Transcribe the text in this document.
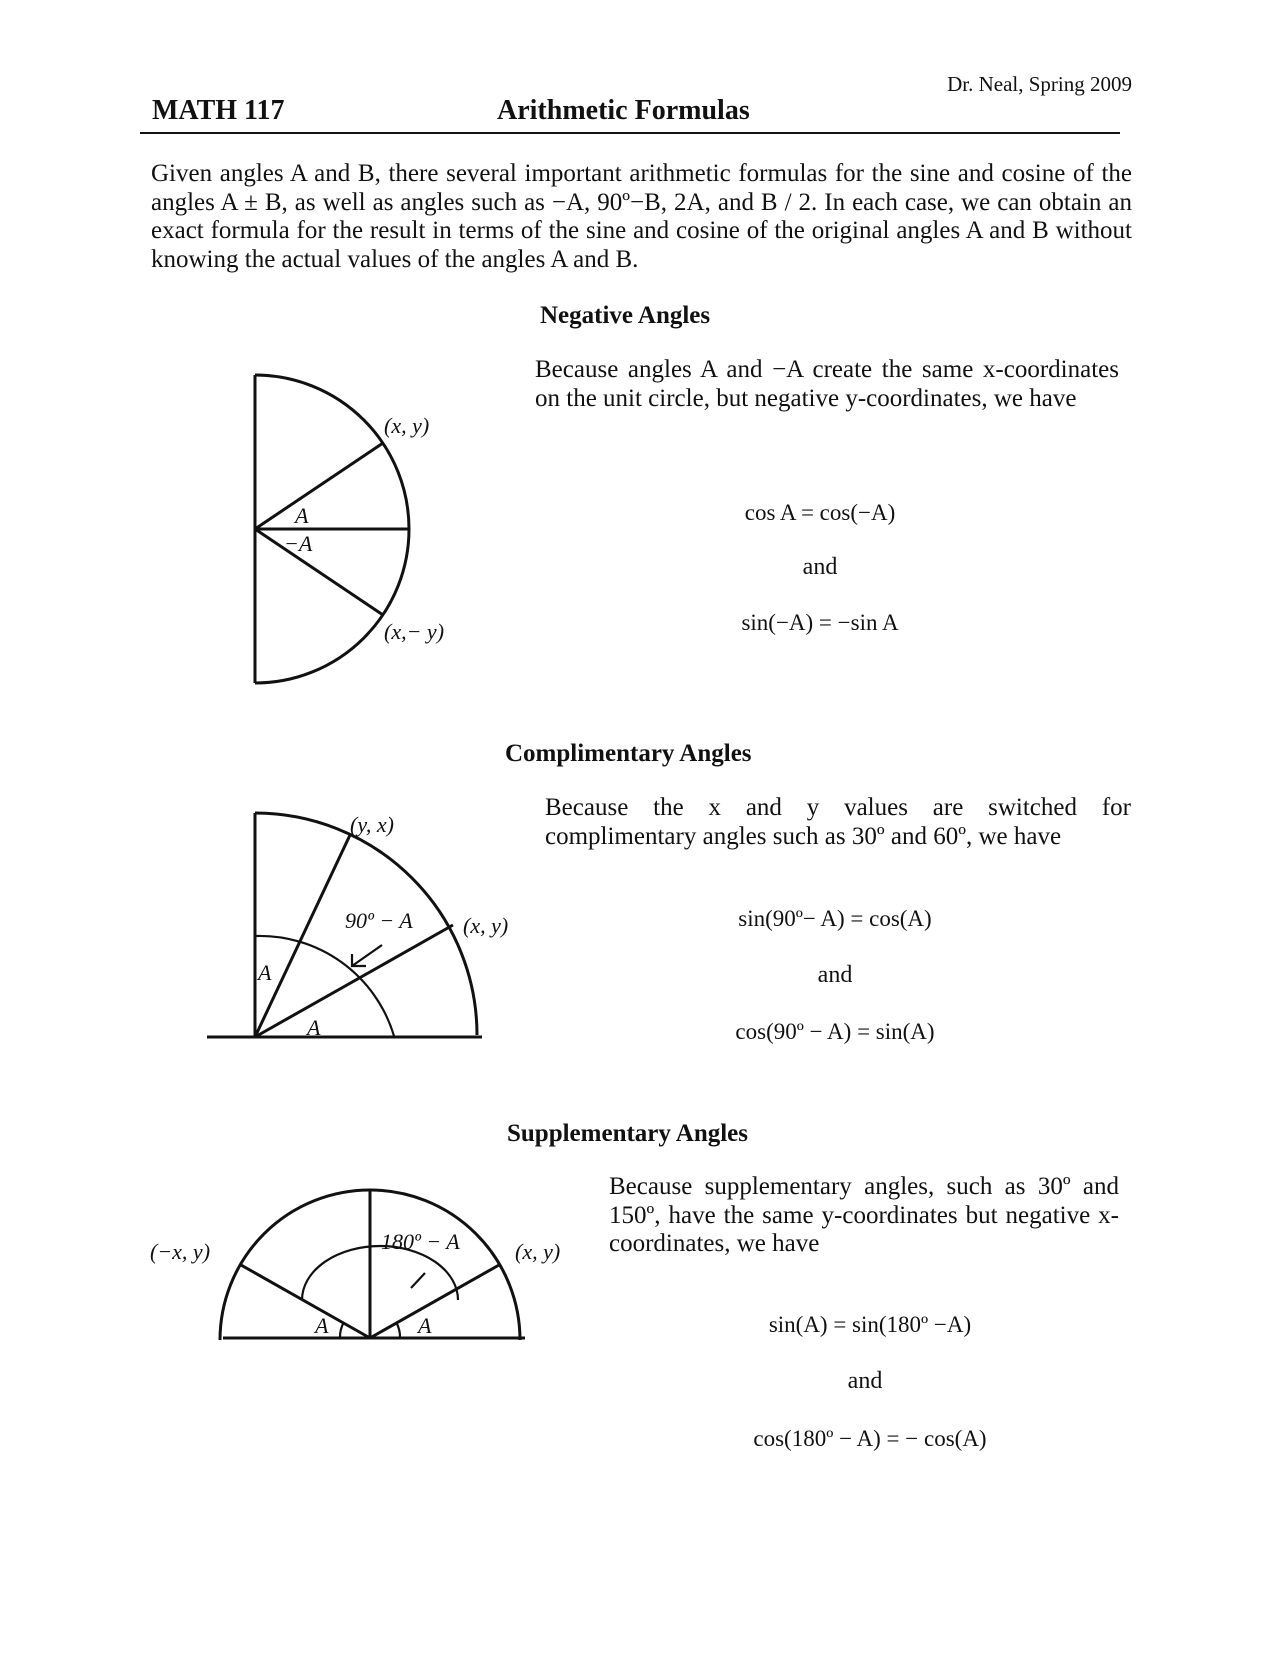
Dr. Neal, Spring 2009
MATH 117	Arithmetic Formulas

Given angles A and B, there several important arithmetic formulas for the sine and cosine of the angles A ± B, as well as angles such as −A, 90º−B, 2A, and B / 2. In each case, we can obtain an exact formula for the result in terms of the sine and cosine of the original angles A and B without knowing the actual values of the angles A and B.

Negative Angles

Because angles A and −A create the same x-coordinates on the unit circle, but negative y-coordinates, we have

cos A = cos(−A)
and
sin(−A) = −sin A
(x, y)
(x,− y)
A
−A
Complimentary Angles

Because the x and y values are switched for complimentary angles such as 30º and 60º, we have

sin(90º− A) = cos(A)
and
cos(90º − A) = sin(A)
(y, x)
(x, y)
90º − A
A
A
Supplementary Angles

Because supplementary angles, such as 30º and 150º, have the same y-coordinates but negative x-coordinates, we have

sin(A) = sin(180º −A)
and
cos(180º − A) = − cos(A)
(−x, y)	(x, y)
180º − A
A	A
